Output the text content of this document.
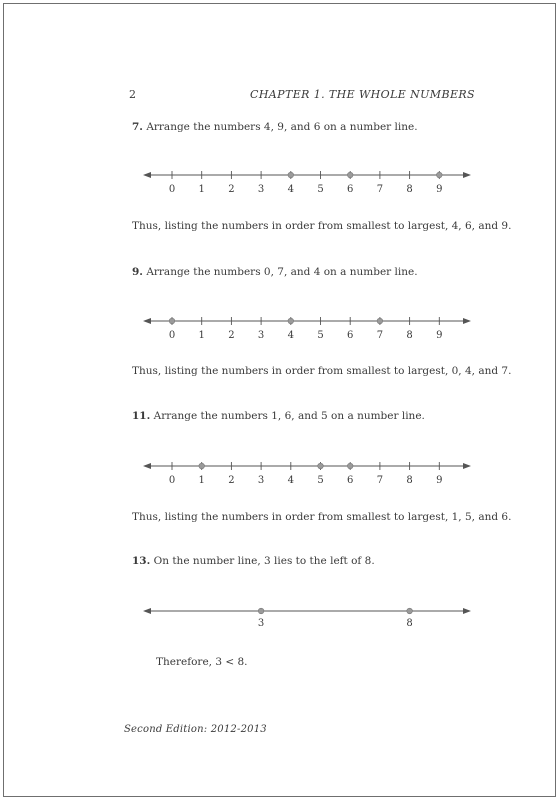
2	CHAPTER 1. THE WHOLE NUMBERS
7. Arrange the numbers 4, 9, and 6 on a number line.
0 1 2 3 4 5 6 7 8 9
Thus, listing the numbers in order from smallest to largest, 4, 6, and 9.
9. Arrange the numbers 0, 7, and 4 on a number line.
0 1 2 3 4 5 6 7 8 9
Thus, listing the numbers in order from smallest to largest, 0, 4, and 7.
11. Arrange the numbers 1, 6, and 5 on a number line.
0 1 2 3 4 5 6 7 8 9
Thus, listing the numbers in order from smallest to largest, 1, 5, and 6.
13. On the number line, 3 lies to the left of 8.
3	8
Therefore, 3 < 8.
Second Edition: 2012-2013
